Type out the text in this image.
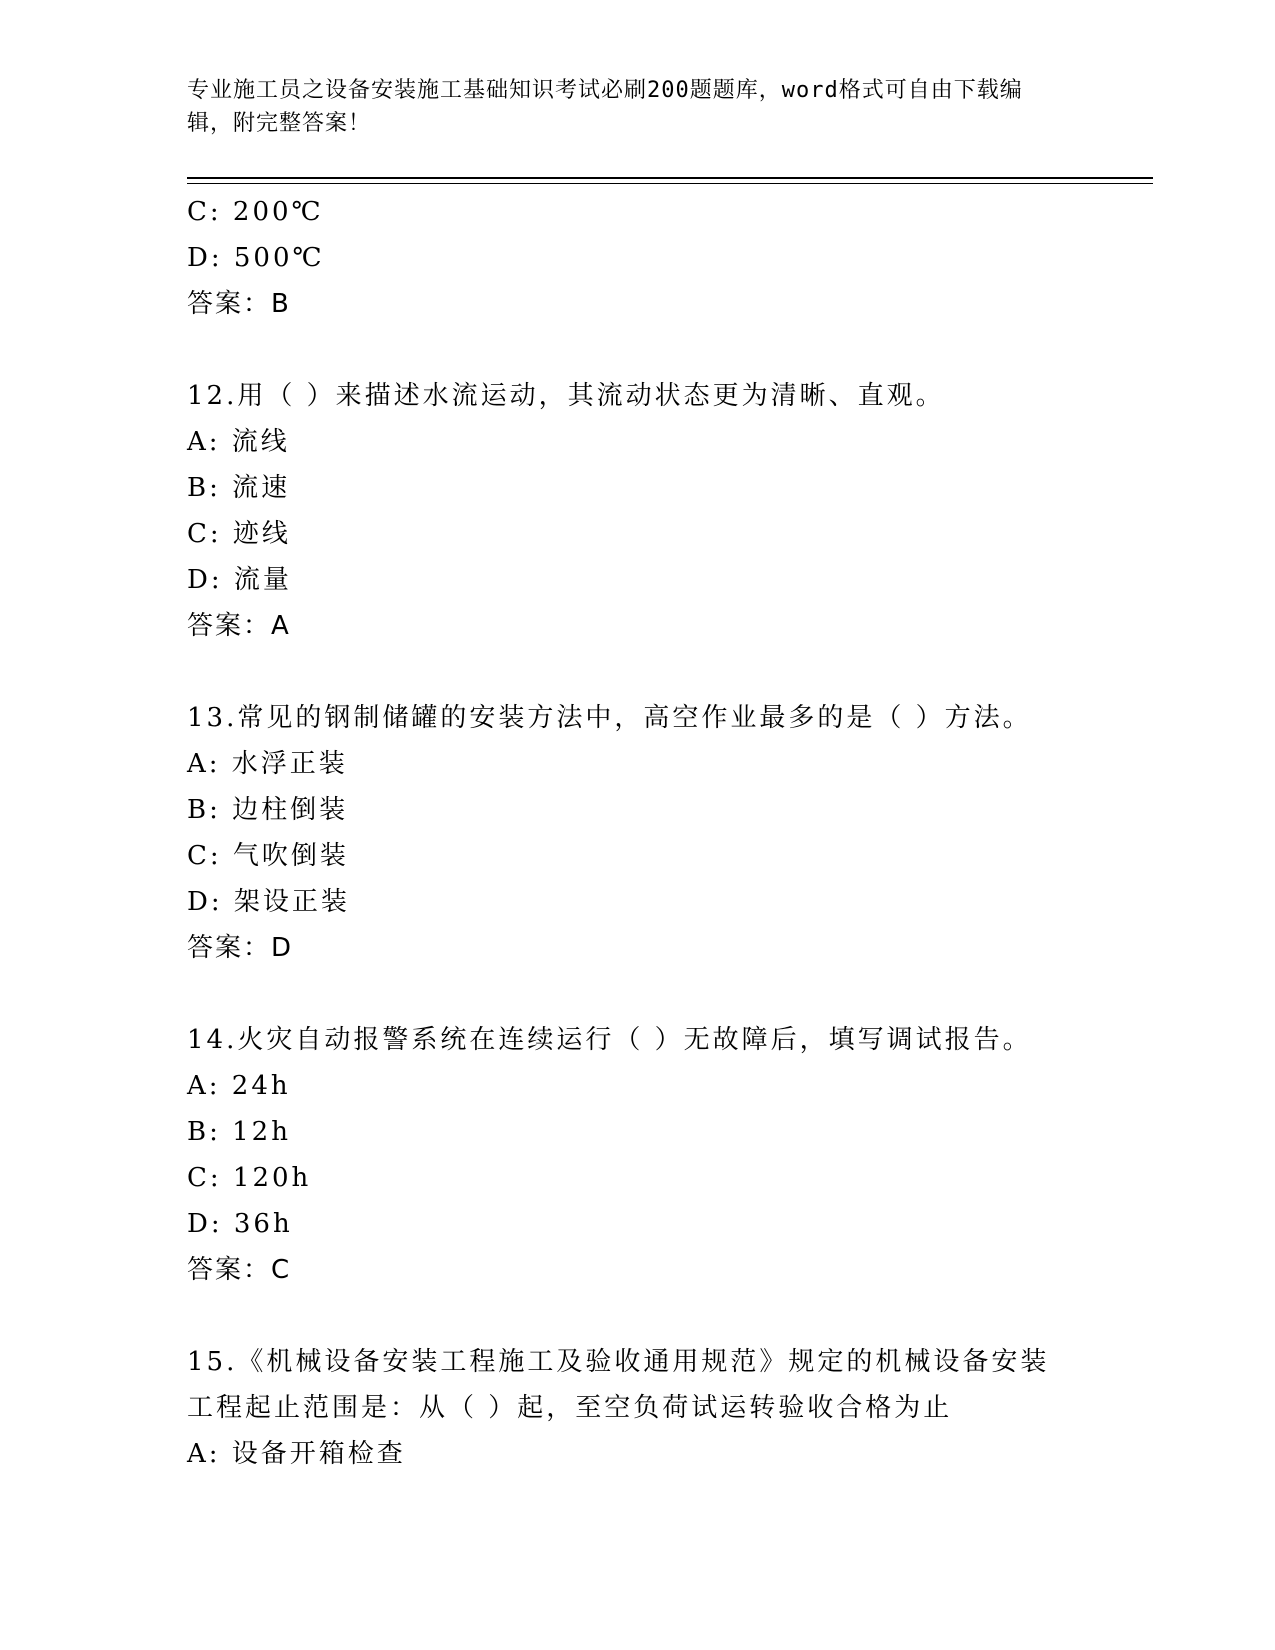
专业施工员之设备安装施工基础知识考试必刷200题题库，word格式可自由下载编辑，附完整答案！
C: 200℃
D: 500℃
答案：B
12.用（ ）来描述水流运动，其流动状态更为清晰、直观。
A: 流线
B: 流速
C: 迹线
D: 流量
答案：A
13.常见的钢制储罐的安装方法中，高空作业最多的是（ ）方法。
A: 水浮正装
B: 边柱倒装
C: 气吹倒装
D: 架设正装
答案：D
14.火灾自动报警系统在连续运行（ ）无故障后，填写调试报告。
A: 24h
B: 12h
C: 120h
D: 36h
答案：C
15.《机械设备安装工程施工及验收通用规范》规定的机械设备安装工程起止范围是：从（ ）起，至空负荷试运转验收合格为止
A: 设备开箱检查
